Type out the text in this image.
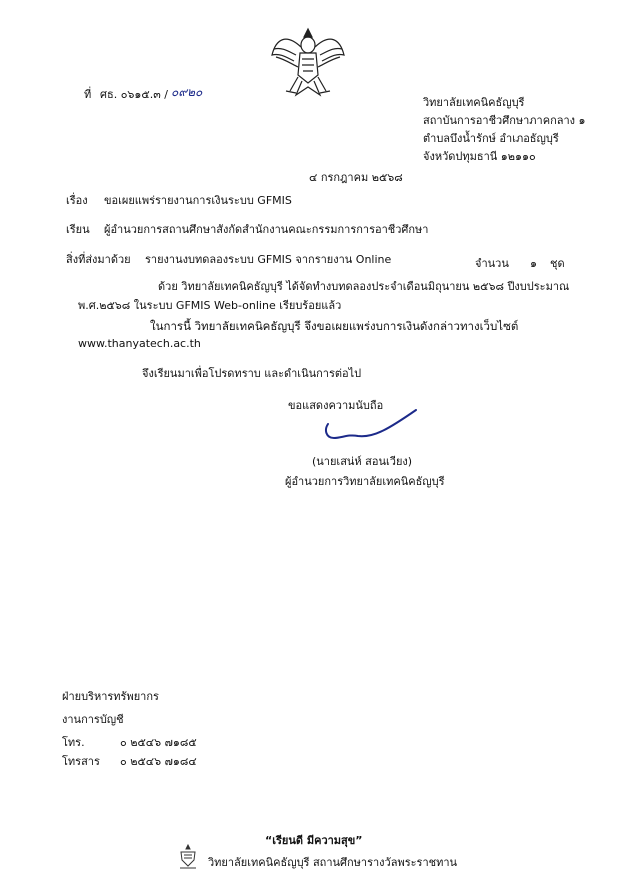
ที่ ศธ. ๐๖๑๕.๓ / ๐๙๒๐
วิทยาลัยเทคนิคธัญบุรี
สถาบันการอาชีวศึกษาภาคกลาง ๑
ตำบลบึงน้ำรักษ์ อำเภอธัญบุรี
จังหวัดปทุมธานี ๑๒๑๑๐
๔ กรกฎาคม ๒๕๖๘
เรื่อง ขอเผยแพร่รายงานการเงินระบบ GFMIS
เรียน ผู้อำนวยการสถานศึกษาสังกัดสำนักงานคณะกรรมการการอาชีวศึกษา
สิ่งที่ส่งมาด้วย รายงานงบทดลองระบบ GFMIS จากรายงาน Online	จำนวน ๑ ชุด
ด้วย วิทยาลัยเทคนิคธัญบุรี ได้จัดทำงบทดลองประจำเดือนมิถุนายน ๒๕๖๘ ปีงบประมาณ
พ.ศ.๒๕๖๘ ในระบบ GFMIS Web-online เรียบร้อยแล้ว
ในการนี้ วิทยาลัยเทคนิคธัญบุรี จึงขอเผยแพร่งบการเงินดังกล่าวทางเว็บไซต์
www.thanyatech.ac.th
จึงเรียนมาเพื่อโปรดทราบ และดำเนินการต่อไป
ขอแสดงความนับถือ
(นายเสน่ห์ สอนเวียง)
ผู้อำนวยการวิทยาลัยเทคนิคธัญบุรี
ฝ่ายบริหารทรัพยากร
งานการบัญชี
โทร.	๐ ๒๕๔๖ ๗๑๘๕
โทรสาร ๐ ๒๕๔๖ ๗๑๘๔
“เรียนดี มีความสุข”
วิทยาลัยเทคนิคธัญบุรี สถานศึกษารางวัลพระราชทาน
